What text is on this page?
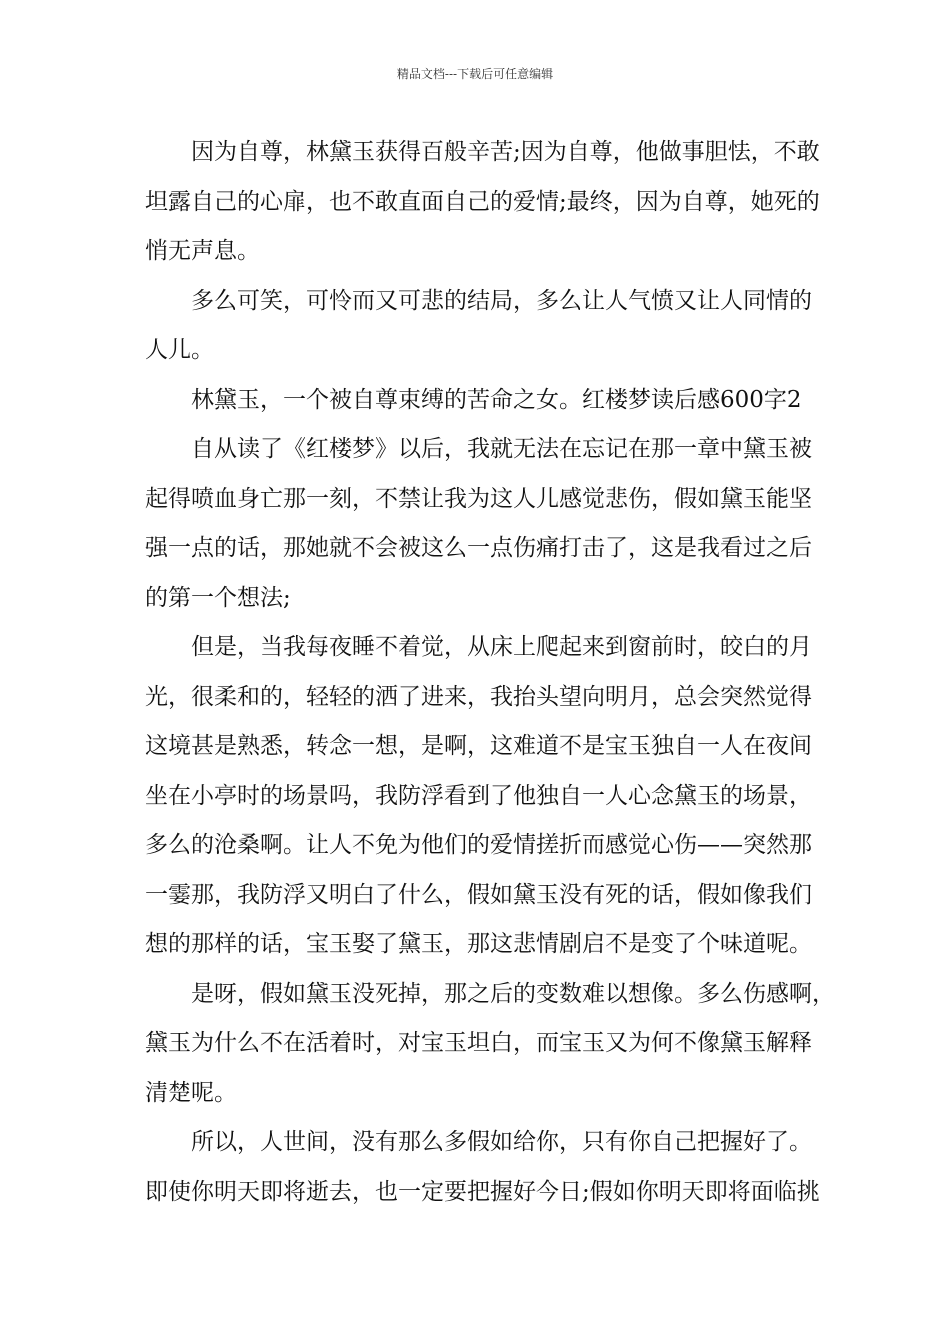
精品文档---下载后可任意编辑
因为自尊，林黛玉获得百般辛苦;因为自尊，他做事胆怯，不敢
坦露自己的心扉，也不敢直面自己的爱情;最终，因为自尊，她死的
悄无声息。
多么可笑，可怜而又可悲的结局，多么让人气愤又让人同情的
人儿。
林黛玉，一个被自尊束缚的苦命之女。红楼梦读后感600字2
自从读了《红楼梦》以后，我就无法在忘记在那一章中黛玉被
起得喷血身亡那一刻，不禁让我为这人儿感觉悲伤，假如黛玉能坚
强一点的话，那她就不会被这么一点伤痛打击了，这是我看过之后
的第一个想法;
但是，当我每夜睡不着觉，从床上爬起来到窗前时，皎白的月
光，很柔和的，轻轻的洒了进来，我抬头望向明月，总会突然觉得
这境甚是熟悉，转念一想，是啊，这难道不是宝玉独自一人在夜间
坐在小亭时的场景吗，我防浮看到了他独自一人心念黛玉的场景，
多么的沧桑啊。让人不免为他们的爱情搓折而感觉心伤——突然那
一霎那，我防浮又明白了什么，假如黛玉没有死的话，假如像我们
想的那样的话，宝玉娶了黛玉，那这悲情剧启不是变了个味道呢。
是呀，假如黛玉没死掉，那之后的变数难以想像。多么伤感啊，
黛玉为什么不在活着时，对宝玉坦白，而宝玉又为何不像黛玉解释
清楚呢。
所以，人世间，没有那么多假如给你，只有你自己把握好了。
即使你明天即将逝去，也一定要把握好今日;假如你明天即将面临挑
